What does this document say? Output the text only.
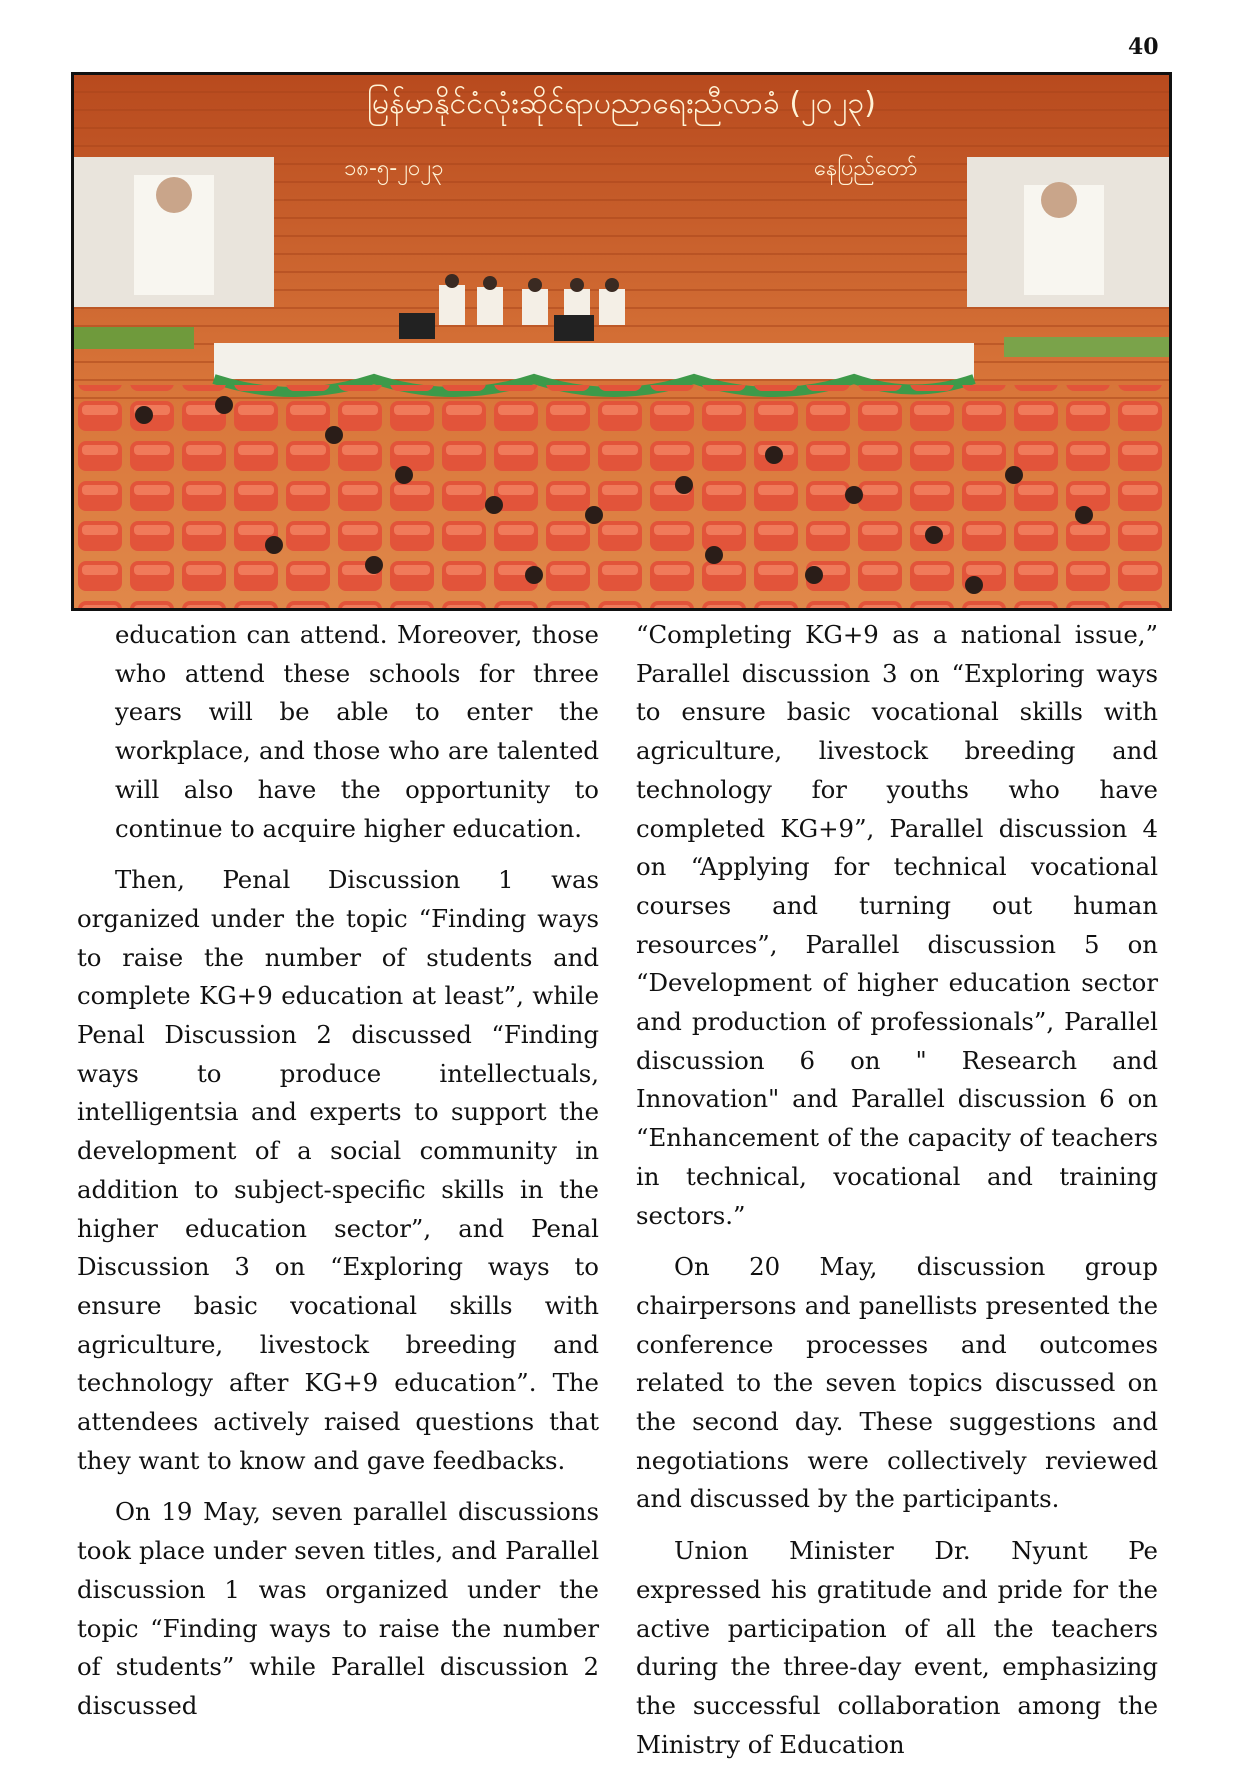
40
မြန်မာနိုင်ငံလုံးဆိုင်ရာပညာရေးညီလာခံ (၂၀၂၃)
၁၈-၅-၂၀၂၃	နေပြည်တော်

education can attend. Moreover, those who attend these schools for three years will be able to enter the workplace, and those who are talented will also have the opportunity to continue to acquire higher education.

Then, Penal Discussion 1 was organized under the topic “Finding ways to raise the number of students and complete KG+9 education at least”, while Penal Discussion 2 discussed “Finding ways to produce intellectuals, intelligentsia and experts to support the development of a social community in addition to subject-specific skills in the higher education sector”, and Penal Discussion 3 on “Exploring ways to ensure basic vocational skills with agriculture, livestock breeding and technology after KG+9 education”. The attendees actively raised questions that they want to know and gave feedbacks.

On 19 May, seven parallel discussions took place under seven titles, and Parallel discussion 1 was organized under the topic “Finding ways to raise the number of students” while Parallel discussion 2 discussed

“Completing KG+9 as a national issue,” Parallel discussion 3 on “Exploring ways to ensure basic vocational skills with agriculture, livestock breeding and technology for youths who have completed KG+9”, Parallel discussion 4 on “Applying for technical vocational courses and turning out human resources”, Parallel discussion 5 on “Development of higher education sector and production of professionals”, Parallel discussion 6 on " Research and Innovation" and Parallel discussion 6 on “Enhancement of the capacity of teachers in technical, vocational and training sectors.”

On 20 May, discussion group chairpersons and panellists presented the conference processes and outcomes related to the seven topics discussed on the second day. These suggestions and negotiations were collectively reviewed and discussed by the participants.

Union Minister Dr. Nyunt Pe expressed his gratitude and pride for the active participation of all the teachers during the three-day event, emphasizing the successful collaboration among the Ministry of Education
